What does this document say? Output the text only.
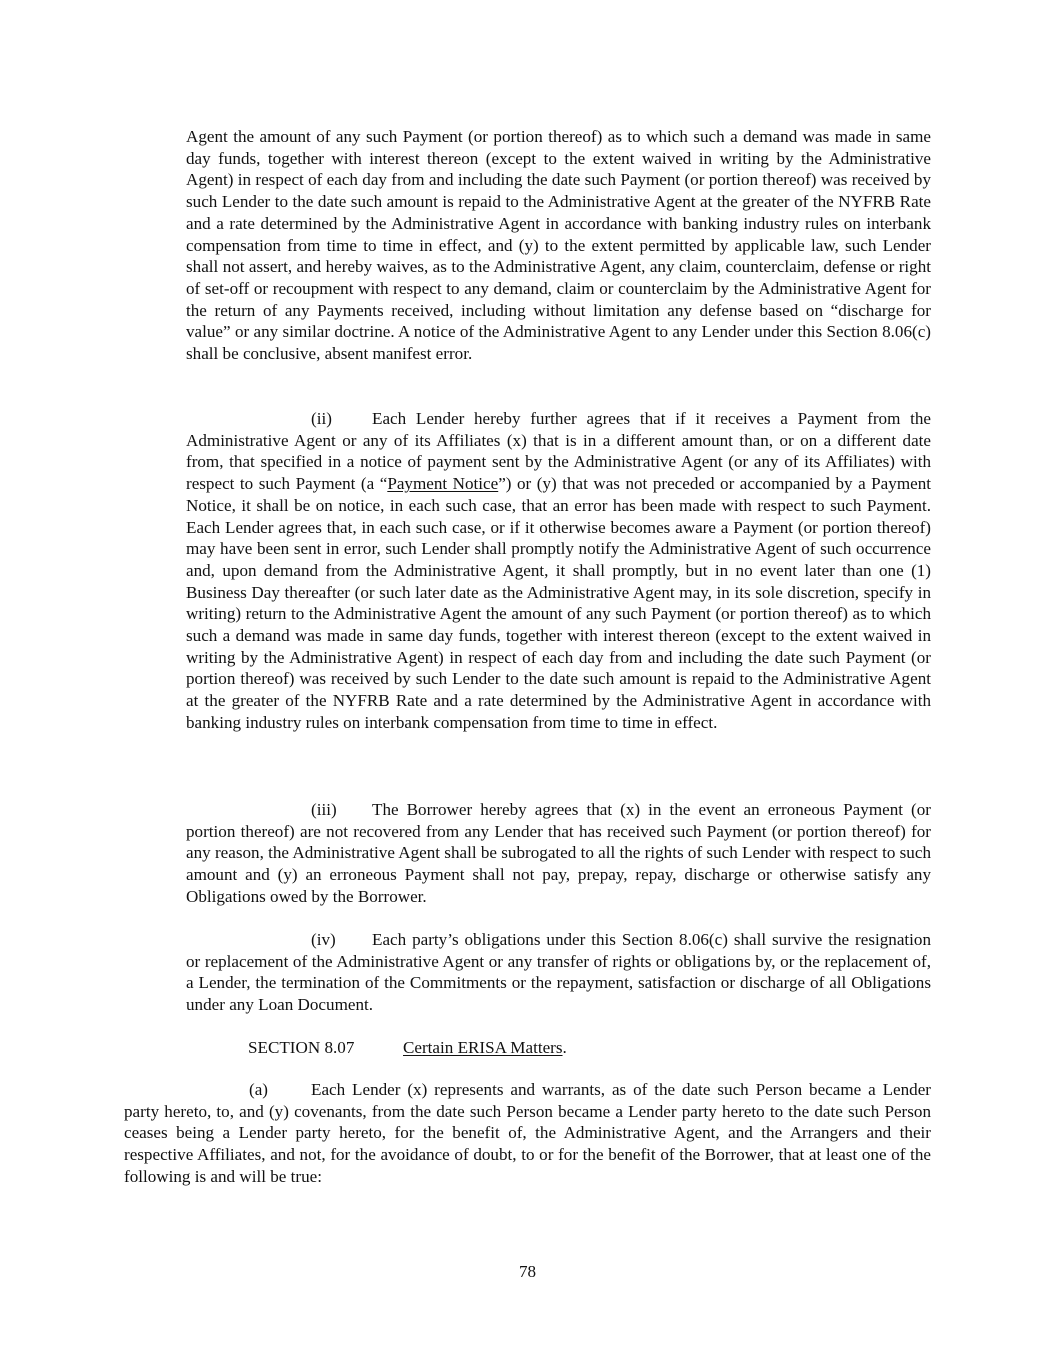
Agent the amount of any such Payment (or portion thereof) as to which such a demand was made in same day funds, together with interest thereon (except to the extent waived in writing by the Administrative Agent) in respect of each day from and including the date such Payment (or portion thereof) was received by such Lender to the date such amount is repaid to the Administrative Agent at the greater of the NYFRB Rate and a rate determined by the Administrative Agent in accordance with banking industry rules on interbank compensation from time to time in effect, and (y) to the extent permitted by applicable law, such Lender shall not assert, and hereby waives, as to the Administrative Agent, any claim, counterclaim, defense or right of set-off or recoupment with respect to any demand, claim or counterclaim by the Administrative Agent for the return of any Payments received, including without limitation any defense based on “discharge for value” or any similar doctrine. A notice of the Administrative Agent to any Lender under this Section 8.06(c) shall be conclusive, absent manifest error.

(ii) Each Lender hereby further agrees that if it receives a Payment from the Administrative Agent or any of its Affiliates (x) that is in a different amount than, or on a different date from, that specified in a notice of payment sent by the Administrative Agent (or any of its Affiliates) with respect to such Payment (a “Payment Notice”) or (y) that was not preceded or accompanied by a Payment Notice, it shall be on notice, in each such case, that an error has been made with respect to such Payment. Each Lender agrees that, in each such case, or if it otherwise becomes aware a Payment (or portion thereof) may have been sent in error, such Lender shall promptly notify the Administrative Agent of such occurrence and, upon demand from the Administrative Agent, it shall promptly, but in no event later than one (1) Business Day thereafter (or such later date as the Administrative Agent may, in its sole discretion, specify in writing) return to the Administrative Agent the amount of any such Payment (or portion thereof) as to which such a demand was made in same day funds, together with interest thereon (except to the extent waived in writing by the Administrative Agent) in respect of each day from and including the date such Payment (or portion thereof) was received by such Lender to the date such amount is repaid to the Administrative Agent at the greater of the NYFRB Rate and a rate determined by the Administrative Agent in accordance with banking industry rules on interbank compensation from time to time in effect.

(iii) The Borrower hereby agrees that (x) in the event an erroneous Payment (or portion thereof) are not recovered from any Lender that has received such Payment (or portion thereof) for any reason, the Administrative Agent shall be subrogated to all the rights of such Lender with respect to such amount and (y) an erroneous Payment shall not pay, prepay, repay, discharge or otherwise satisfy any Obligations owed by the Borrower.

(iv) Each party’s obligations under this Section 8.06(c) shall survive the resignation or replacement of the Administrative Agent or any transfer of rights or obligations by, or the replacement of, a Lender, the termination of the Commitments or the repayment, satisfaction or discharge of all Obligations under any Loan Document.

SECTION 8.07	Certain ERISA Matters.

(a)	Each Lender (x) represents and warrants, as of the date such Person became a Lender party hereto, to, and (y) covenants, from the date such Person became a Lender party hereto to the date such Person ceases being a Lender party hereto, for the benefit of, the Administrative Agent, and the Arrangers and their respective Affiliates, and not, for the avoidance of doubt, to or for the benefit of the Borrower, that at least one of the following is and will be true:

78
